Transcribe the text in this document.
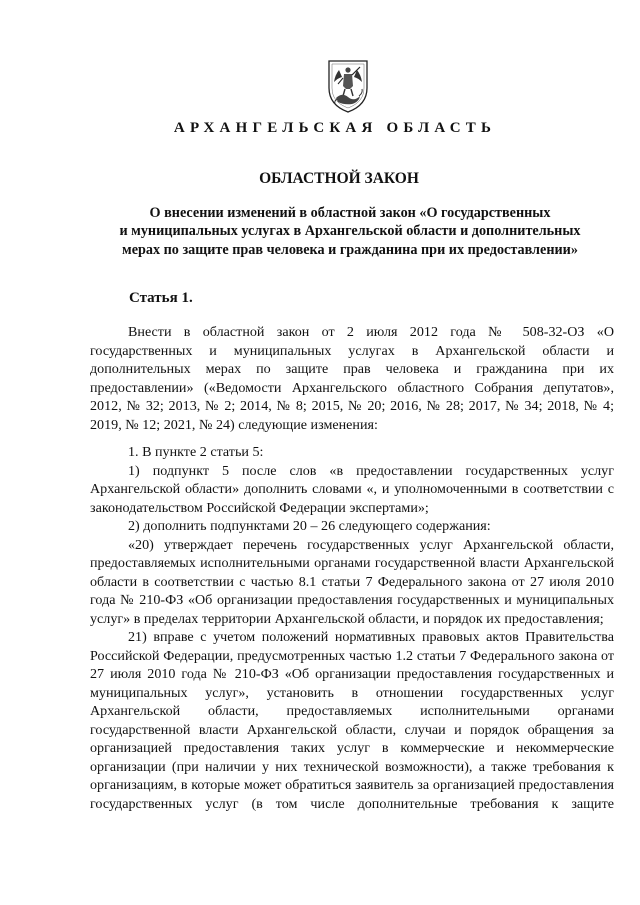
АРХАНГЕЛЬСКАЯ ОБЛАСТЬ
ОБЛАСТНОЙ ЗАКОН
О внесении изменений в областной закон «О государственных
и муниципальных услугах в Архангельской области и дополнительных
мерах по защите прав человека и гражданина при их предоставлении»
Статья 1.

Внести в областной закон от 2 июля 2012 года № 508-32-ОЗ «О государственных и муниципальных услугах в Архангельской области и дополнительных мерах по защите прав человека и гражданина при их предоставлении» («Ведомости Архангельского областного Собрания депутатов», 2012, № 32; 2013, № 2; 2014, № 8; 2015, № 20; 2016, № 28; 2017, № 34; 2018, № 4; 2019, № 12; 2021, № 24) следующие изменения:

1. В пункте 2 статьи 5:

1) подпункт 5 после слов «в предоставлении государственных услуг Архангельской области» дополнить словами «, и уполномоченными в соответствии с законодательством Российской Федерации экспертами»;

2) дополнить подпунктами 20 – 26 следующего содержания:

«20) утверждает перечень государственных услуг Архангельской области, предоставляемых исполнительными органами государственной власти Архангельской области в соответствии с частью 8.1 статьи 7 Федерального закона от 27 июля 2010 года № 210-ФЗ «Об организации предоставления государственных и муниципальных услуг» в пределах территории Архангельской области, и порядок их предоставления;

21) вправе с учетом положений нормативных правовых актов Правительства Российской Федерации, предусмотренных частью 1.2 статьи 7 Федерального закона от 27 июля 2010 года № 210-ФЗ «Об организации предоставления государственных и муниципальных услуг», установить в отношении государственных услуг Архангельской области, предоставляемых исполнительными органами государственной власти Архангельской области, случаи и порядок обращения за организацией предоставления таких услуг в коммерческие и некоммерческие организации (при наличии у них технической возможности), а также требования к организациям, в которые может обратиться заявитель за организацией предоставления государственных услуг (в том числе дополнительные требования к защите
